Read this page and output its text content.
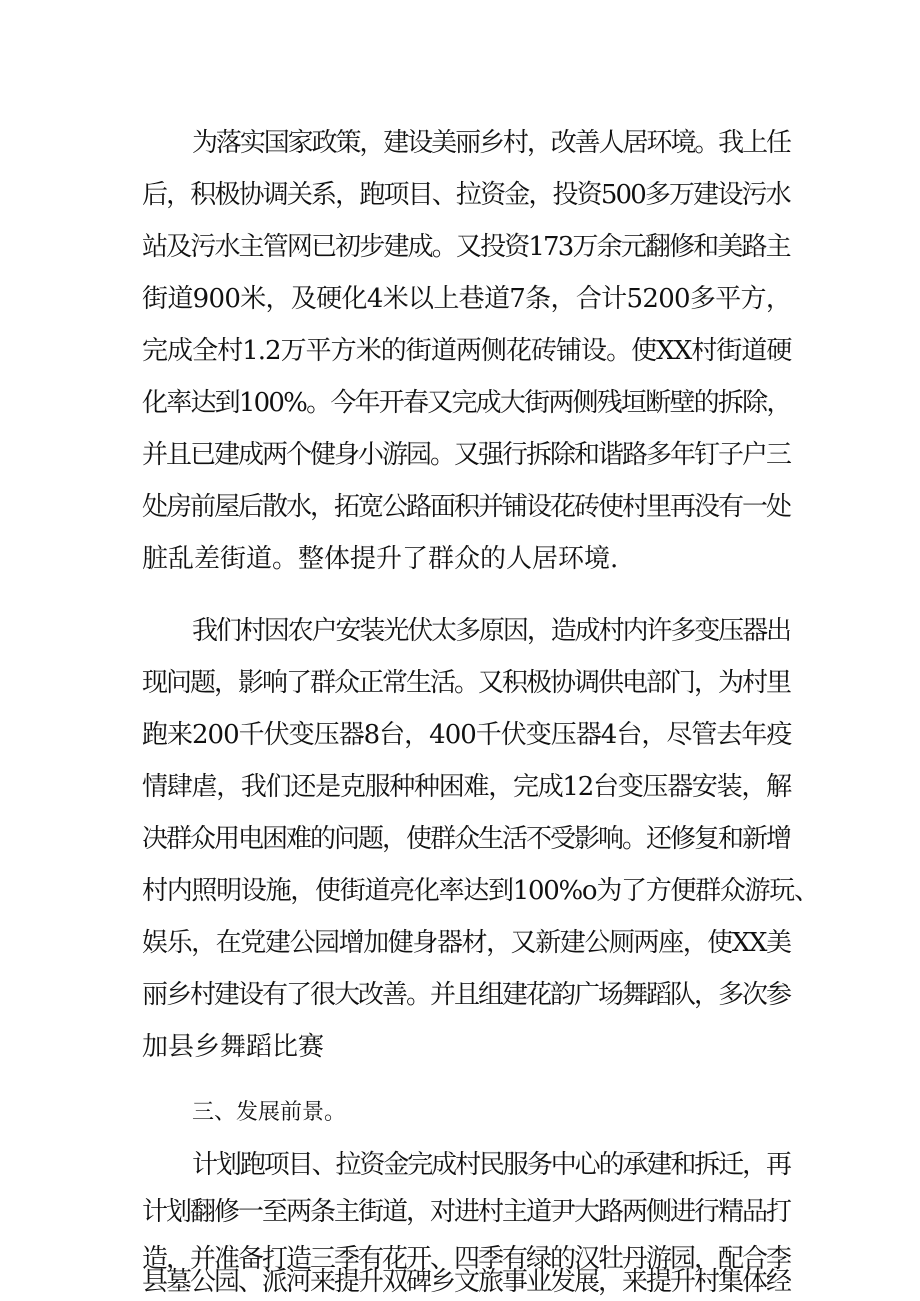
为落实国家政策，建设美丽乡村，改善人居环境。我上任
后，积极协调关系，跑项目、拉资金，投资500多万建设污水
站及污水主管网已初步建成。又投资173万余元翻修和美路主
街道900米，及硬化4米以上巷道7条，合计5200多平方，
完成全村1.2万平方米的街道两侧花砖铺设。使XX村街道硬
化率达到100%。今年开春又完成大街两侧残垣断壁的拆除，
并且已建成两个健身小游园。又强行拆除和谐路多年钉子户三
处房前屋后散水，拓宽公路面积并铺设花砖使村里再没有一处
脏乱差街道。整体提升了群众的人居环境.
我们村因农户安装光伏太多原因，造成村内许多变压器出
现问题，影响了群众正常生活。又积极协调供电部门，为村里
跑来200千伏变压器8台，400千伏变压器4台，尽管去年疫
情肆虐，我们还是克服种种困难，完成12台变压器安装，解
决群众用电困难的问题，使群众生活不受影响。还修复和新增
村内照明设施，使街道亮化率达到100%o为了方便群众游玩、
娱乐，在党建公园增加健身器材，又新建公厕两座，使XX美
丽乡村建设有了很大改善。并且组建花韵广场舞蹈队，多次参
加县乡舞蹈比赛
三、发展前景。
计划跑项目、拉资金完成村民服务中心的承建和拆迁，再
计划翻修一至两条主街道，对进村主道尹大路两侧进行精品打
造，并准备打造三季有花开、四季有绿的汉牡丹游园，配合李
县墓公园、派河来提升双碑乡文旅事业发展，来提升村集体经
